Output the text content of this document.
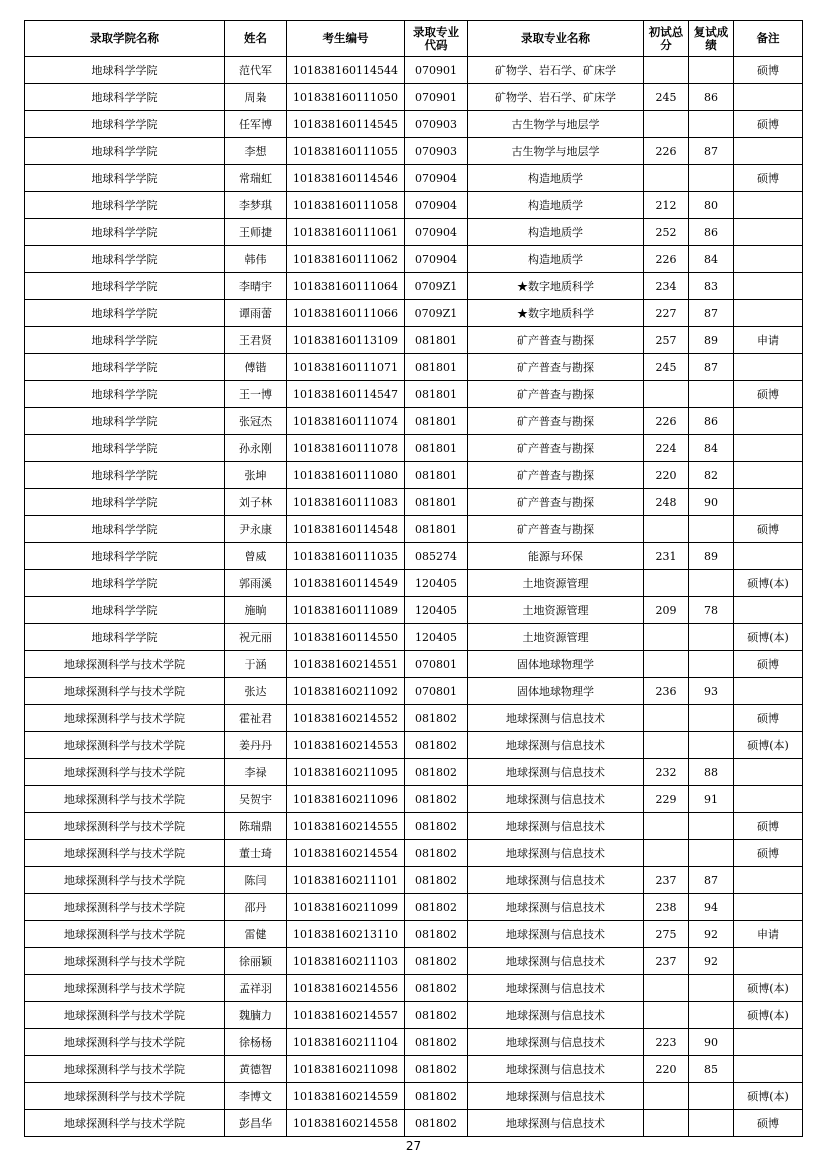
录取学院名称	姓名	考生编号	录取专业代码	录取专业名称	初试总分	复试成绩	备注
地球科学学院	范代军	101838160114544	070901	矿物学、岩石学、矿床学			硕博
地球科学学院	周枭	101838160111050	070901	矿物学、岩石学、矿床学	245	86	
地球科学学院	任军博	101838160114545	070903	古生物学与地层学			硕博
地球科学学院	李想	101838160111055	070903	古生物学与地层学	226	87	
地球科学学院	常瑞虹	101838160114546	070904	构造地质学			硕博
地球科学学院	李梦琪	101838160111058	070904	构造地质学	212	80	
地球科学学院	王师捷	101838160111061	070904	构造地质学	252	86	
地球科学学院	韩伟	101838160111062	070904	构造地质学	226	84	
地球科学学院	李晴宇	101838160111064	0709Z1	★数字地质科学	234	83	
地球科学学院	谭雨蕾	101838160111066	0709Z1	★数字地质科学	227	87	
地球科学学院	王君贤	101838160113109	081801	矿产普查与勘探	257	89	申请
地球科学学院	傅锴	101838160111071	081801	矿产普查与勘探	245	87	
地球科学学院	王一博	101838160114547	081801	矿产普查与勘探			硕博
地球科学学院	张冠杰	101838160111074	081801	矿产普查与勘探	226	86	
地球科学学院	孙永刚	101838160111078	081801	矿产普查与勘探	224	84	
地球科学学院	张坤	101838160111080	081801	矿产普查与勘探	220	82	
地球科学学院	刘子林	101838160111083	081801	矿产普查与勘探	248	90	
地球科学学院	尹永康	101838160114548	081801	矿产普查与勘探			硕博
地球科学学院	曾威	101838160111035	085274	能源与环保	231	89	
地球科学学院	郭雨溪	101838160114549	120405	土地资源管理			硕博(本)
地球科学学院	施晌	101838160111089	120405	土地资源管理	209	78	
地球科学学院	祝元丽	101838160114550	120405	土地资源管理			硕博(本)
地球探测科学与技术学院	于涵	101838160214551	070801	固体地球物理学			硕博
地球探测科学与技术学院	张达	101838160211092	070801	固体地球物理学	236	93	
地球探测科学与技术学院	霍祉君	101838160214552	081802	地球探测与信息技术			硕博
地球探测科学与技术学院	姜丹丹	101838160214553	081802	地球探测与信息技术			硕博(本)
地球探测科学与技术学院	李禄	101838160211095	081802	地球探测与信息技术	232	88	
地球探测科学与技术学院	吴贺宇	101838160211096	081802	地球探测与信息技术	229	91	
地球探测科学与技术学院	陈瑞鼎	101838160214555	081802	地球探测与信息技术			硕博
地球探测科学与技术学院	董士琦	101838160214554	081802	地球探测与信息技术			硕博
地球探测科学与技术学院	陈闫	101838160211101	081802	地球探测与信息技术	237	87	
地球探测科学与技术学院	邵丹	101838160211099	081802	地球探测与信息技术	238	94	
地球探测科学与技术学院	雷健	101838160213110	081802	地球探测与信息技术	275	92	申请
地球探测科学与技术学院	徐丽颖	101838160211103	081802	地球探测与信息技术	237	92	
地球探测科学与技术学院	孟祥羽	101838160214556	081802	地球探测与信息技术			硕博(本)
地球探测科学与技术学院	魏腩力	101838160214557	081802	地球探测与信息技术			硕博(本)
地球探测科学与技术学院	徐杨杨	101838160211104	081802	地球探测与信息技术	223	90	
地球探测科学与技术学院	黄德智	101838160211098	081802	地球探测与信息技术	220	85	
地球探测科学与技术学院	李博文	101838160214559	081802	地球探测与信息技术			硕博(本)
地球探测科学与技术学院	彭昌华	101838160214558	081802	地球探测与信息技术			硕博
27
